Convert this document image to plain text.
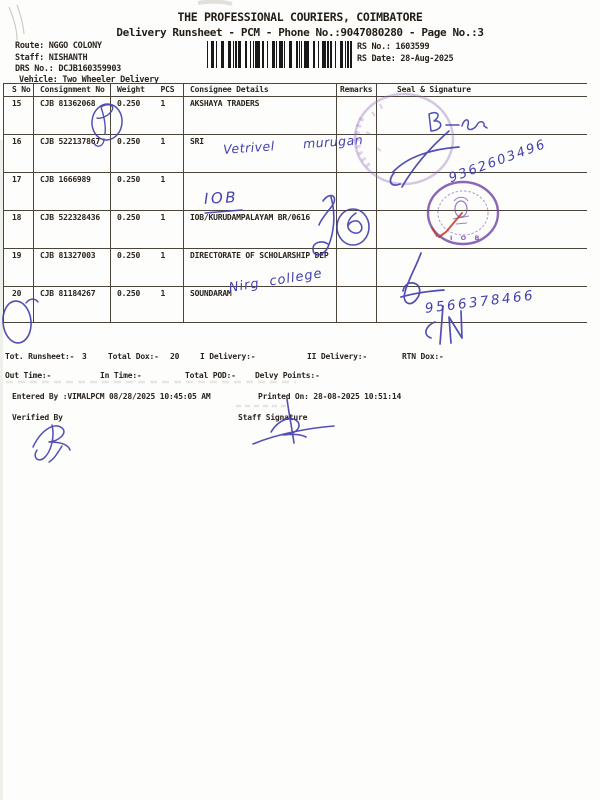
THE PROFESSIONAL COURIERS, COIMBATORE
Delivery Runsheet - PCM - Phone No.:9047080280 - Page No.:3
Route: NGGO COLONY
Staff: NISHANTH
DRS No.: DCJB160359903
Vehicle: Two Wheeler Delivery
RS No.: 1603599
RS Date: 28-Aug-2025
S No	Consignment No	Weight	PCS	Consignee Details	Remarks	Seal & Signature
15	CJB 81362068	0.250	1	AKSHAYA TRADERS		
16	CJB 522137867	0.250	1	SRI		
17	CJB 1666989	0.250	1			
18	CJB 522328436	0.250	1	IOB/KURUDAMPALAYAM BR/0616		
19	CJB 81327003	0.250	1	DIRECTORATE OF SCHOLARSHIP DEP		
20	CJB 81184267	0.250	1	SOUNDARAM		
Tot. Runsheet:- 3	Total Dox:- 20	I Delivery:-	II Delivery:-	RTN Dox:-
Out Time:-	In Time:-	Total POD:- Delvy Points:-
Entered By :VIMALPCM 08/28/2025 10:45:05 AM	Printed On: 28-08-2025 10:51:14
Verified By	Staff Signature
Vetrivel murugan	9362603496
IOB
Nirg college
9566378466
I O B
